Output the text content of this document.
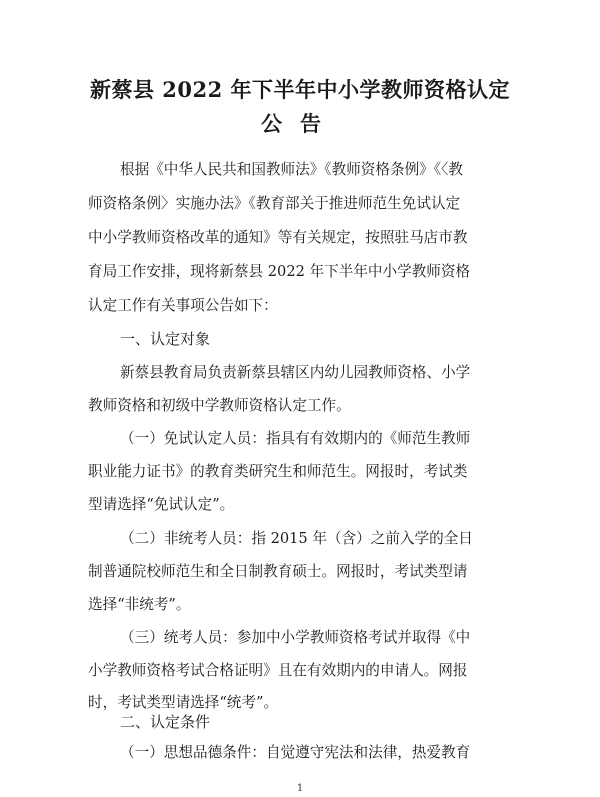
新蔡县 2022 年下半年中小学教师资格认定
公告
根据《中华人民共和国教师法》《教师资格条例》《〈教
师资格条例〉实施办法》《教育部关于推进师范生免试认定
中小学教师资格改革的通知》等有关规定，按照驻马店市教
育局工作安排，现将新蔡县 2022 年下半年中小学教师资格
认定工作有关事项公告如下：
一、认定对象
新蔡县教育局负责新蔡县辖区内幼儿园教师资格、小学
教师资格和初级中学教师资格认定工作。
（一）免试认定人员：指具有有效期内的《师范生教师
职业能力证书》的教育类研究生和师范生。网报时，考试类
型请选择“免试认定”。
（二）非统考人员：指 2015 年（含）之前入学的全日
制普通院校师范生和全日制教育硕士。网报时，考试类型请
选择“非统考”。
（三）统考人员：参加中小学教师资格考试并取得《中
小学教师资格考试合格证明》且在有效期内的申请人。网报
时，考试类型请选择“统考”。
二、认定条件
（一）思想品德条件：自觉遵守宪法和法律，热爱教育
1
